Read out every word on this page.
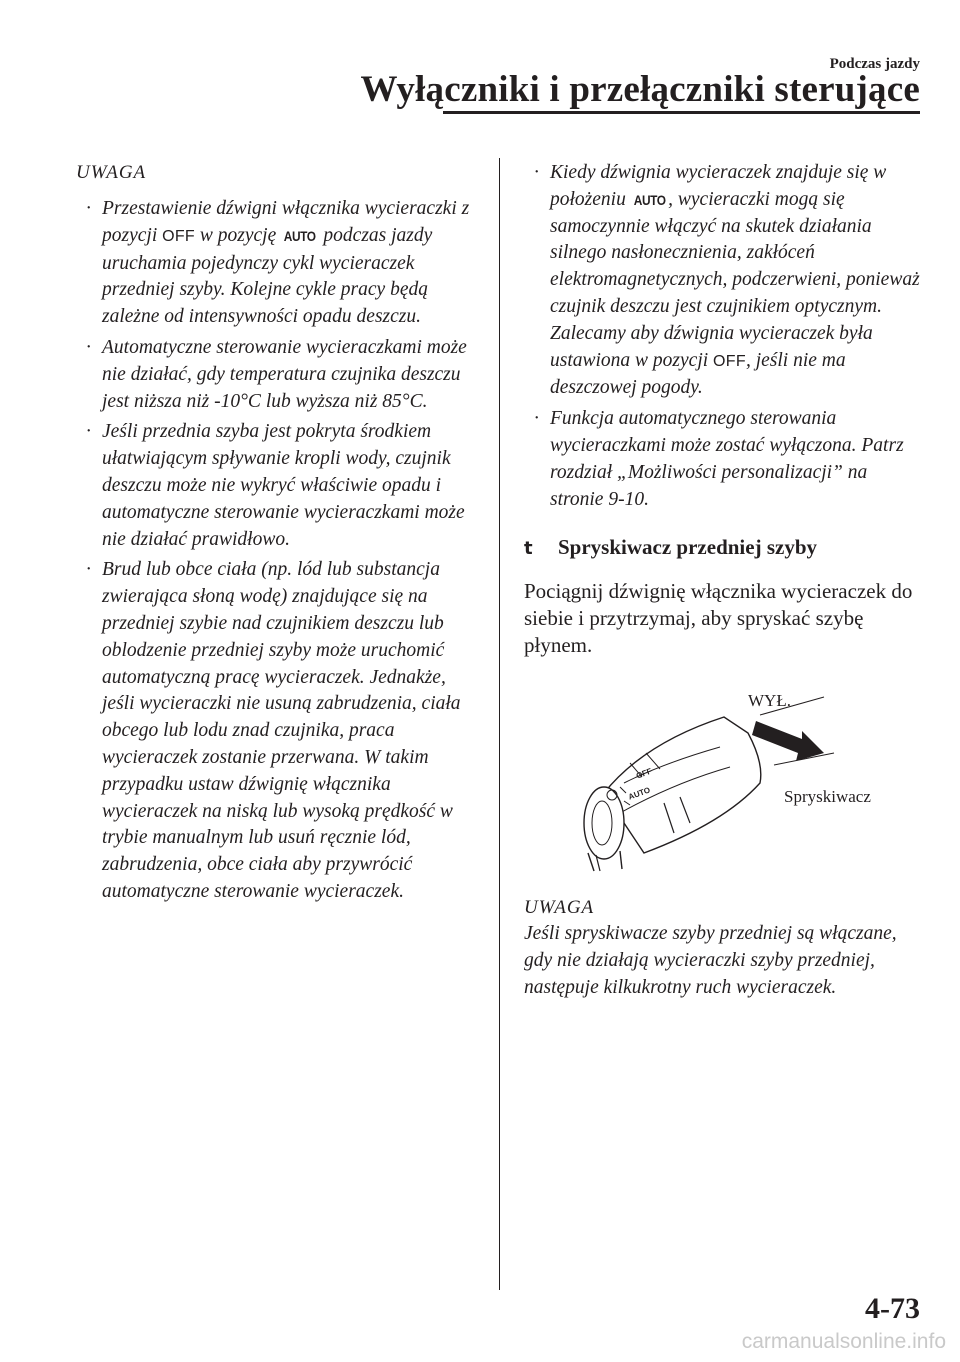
Podczas jazdy
Wyłączniki i przełączniki sterujące
UWAGA
· Przestawienie dźwigni włącznika wycieraczki z pozycji OFF w pozycję AUTO podczas jazdy uruchamia pojedynczy cykl wycieraczek przedniej szyby. Kolejne cykle pracy będą zależne od intensywności opadu deszczu.
· Automatyczne sterowanie wycieraczkami może nie działać, gdy temperatura czujnika deszczu jest niższa niż -10°C lub wyższa niż 85°C.
· Jeśli przednia szyba jest pokryta środkiem ułatwiającym spływanie kropli wody, czujnik deszczu może nie wykryć właściwie opadu i automatyczne sterowanie wycieraczkami może nie działać prawidłowo.
· Brud lub obce ciała (np. lód lub substancja zwierająca słoną wodę) znajdujące się na przedniej szybie nad czujnikiem deszczu lub oblodzenie przedniej szyby może uruchomić automatyczną pracę wycieraczek. Jednakże, jeśli wycieraczki nie usuną zabrudzenia, ciała obcego lub lodu znad czujnika, praca wycieraczek zostanie przerwana. W takim przypadku ustaw dźwignię włącznika wycieraczek na niską lub wysoką prędkość w trybie manualnym lub usuń ręcznie lód, zabrudzenia, obce ciała aby przywrócić automatyczne sterowanie wycieraczek.
· Kiedy dźwignia wycieraczek znajduje się w położeniu AUTO , wycieraczki mogą się samoczynnie włączyć na skutek działania silnego nasłonecznienia, zakłóceń elektromagnetycznych, podczerwieni, ponieważ czujnik deszczu jest czujnikiem optycznym. Zalecamy aby dźwignia wycieraczek była ustawiona w pozycji OFF, jeśli nie ma deszczowej pogody.
· Funkcja automatycznego sterowania wycieraczkami może zostać wyłączona. Patrz rozdział „Możliwości personalizacji” na stronie 9-10.
t	Spryskiwacz przedniej szyby
Pociągnij dźwignię włącznika wycieraczek do siebie i przytrzymaj, aby spryskać szybę płynem.
AUTO
OFF
WYŁ.
Spryskiwacz
UWAGA
Jeśli spryskiwacze szyby przedniej są włączane, gdy nie działają wycieraczki szyby przedniej, następuje kilkukrotny ruch wycieraczek.
4-73
carmanualsonline.info
